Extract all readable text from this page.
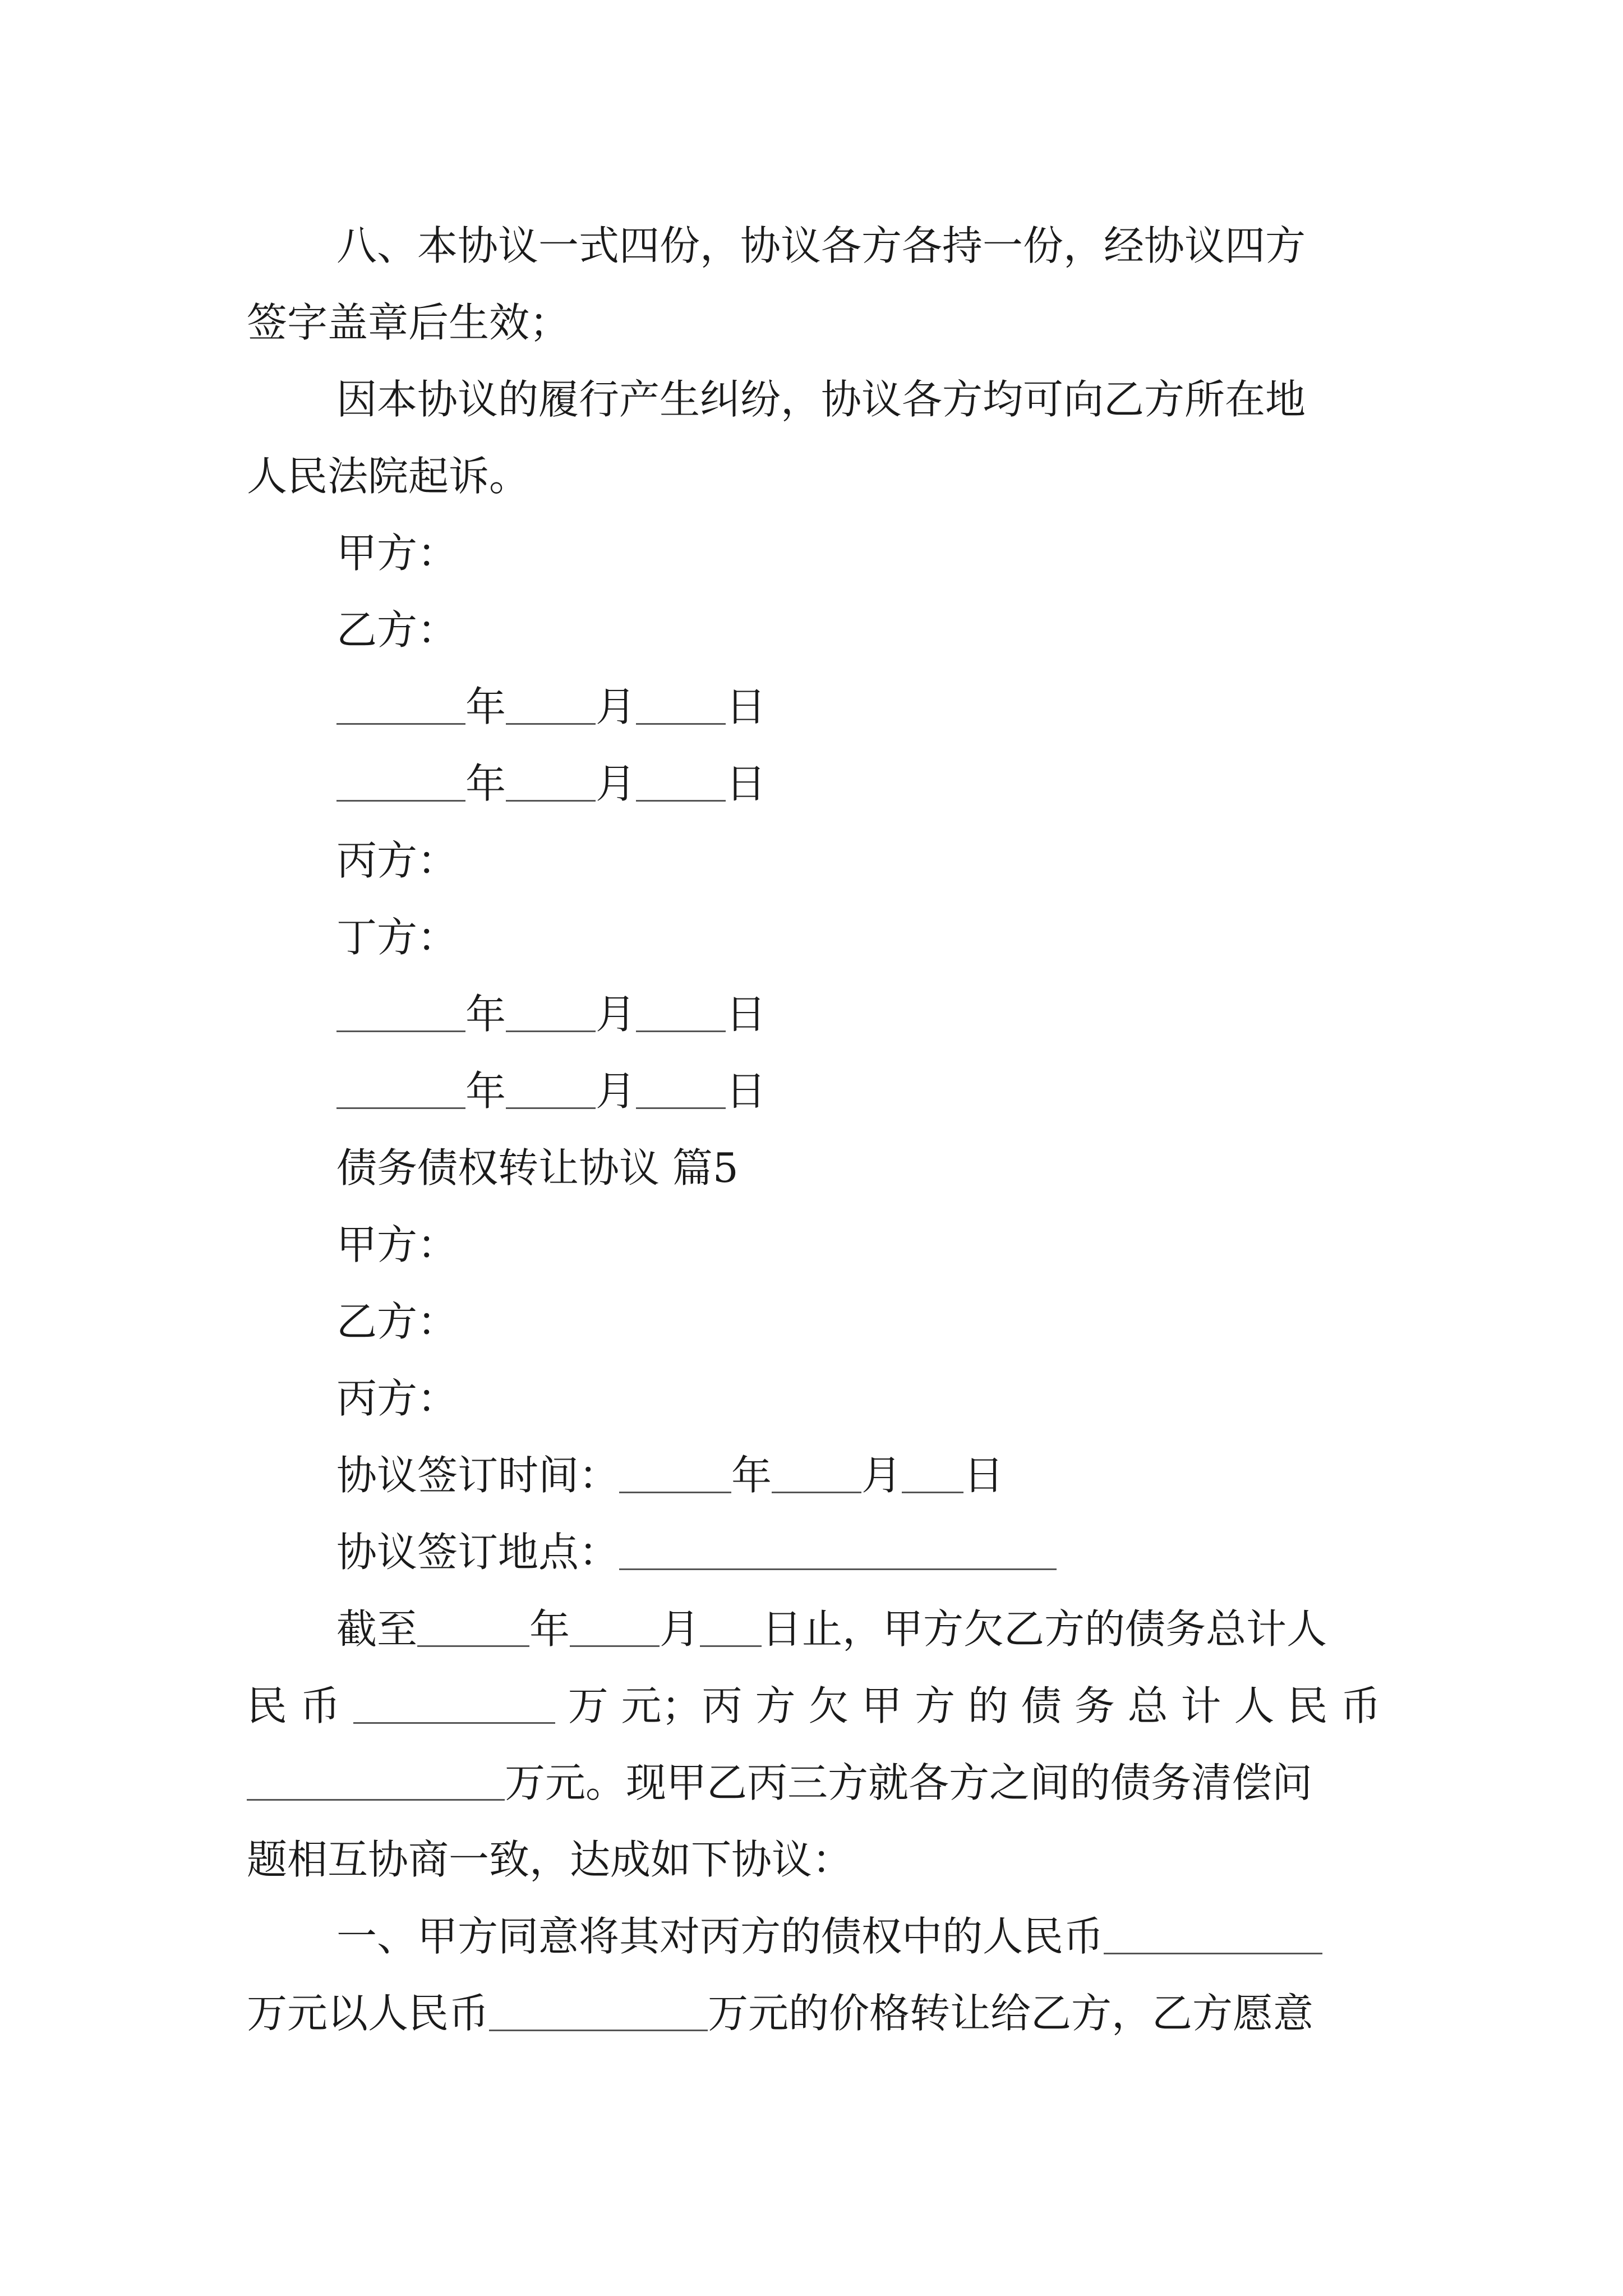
八、本协议一式四份，协议各方各持一份，经协议四方
签字盖章后生效；
因本协议的履行产生纠纷，协议各方均可向乙方所在地
人民法院起诉。
甲方：
乙方：
年 月 日
年 月 日
丙方：
丁方：
年 月 日
年 月 日
债务债权转让协议 篇5
甲方：
乙方：
丙方：
协议签订时间：	年 月 日
协议签订地点：
截至	年 月 日止，甲方欠乙方的债务总计人
民 币	万 元；丙 方 欠 甲 方 的 债 务 总 计 人 民 币
万元。现甲乙丙三方就各方之间的债务清偿问
题相互协商一致，达成如下协议：
一、甲方同意将其对丙方的债权中的人民币
万元以人民币	万元的价格转让给乙方，乙方愿意
